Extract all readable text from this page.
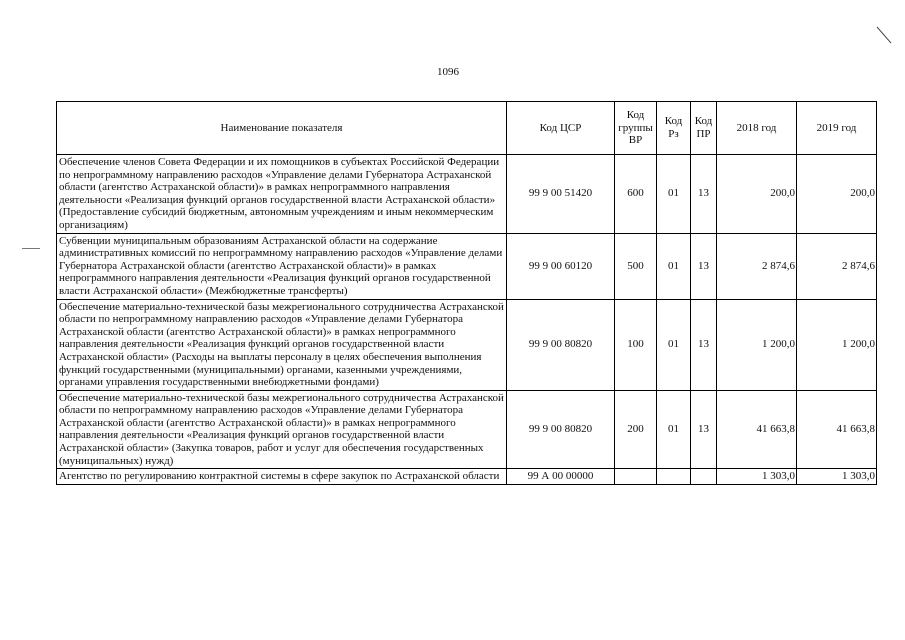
1096
Наименование показателя	Код ЦСР	Код группы ВР	Код Рз	Код ПР	2018 год	2019 год
Обеспечение членов Совета Федерации и их помощников в субъектах Российской Федерации по непрограммному направлению расходов «Управление делами Губернатора Астраханской области (агентство Астраханской области)» в рамках непрограммного направления деятельности «Реализация функций органов государственной власти Астраханской области» (Предоставление субсидий бюджетным, автономным учреждениям и иным некоммерческим организациям)	99 9 00 51420	600	01	13	200,0	200,0
Субвенции муниципальным образованиям Астраханской области на содержание административных комиссий по непрограммному направлению расходов «Управление делами Губернатора Астраханской области (агентство Астраханской области)» в рамках непрограммного направления деятельности «Реализация функций органов государственной власти Астраханской области» (Межбюджетные трансферты)	99 9 00 60120	500	01	13	2 874,6	2 874,6
Обеспечение материально-технической базы межрегионального сотрудничества Астраханской области по непрограммному направлению расходов «Управление делами Губернатора Астраханской области (агентство Астраханской области)» в рамках непрограммного направления деятельности «Реализация функций органов государственной власти Астраханской области» (Расходы на выплаты персоналу в целях обеспечения выполнения функций государственными (муниципальными) органами, казенными учреждениями, органами управления государственными внебюджетными фондами)	99 9 00 80820	100	01	13	1 200,0	1 200,0
Обеспечение материально-технической базы межрегионального сотрудничества Астраханской области по непрограммному направлению расходов «Управление делами Губернатора Астраханской области (агентство Астраханской области)» в рамках непрограммного направления деятельности «Реализация функций органов государственной власти Астраханской области» (Закупка товаров, работ и услуг для обеспечения государственных (муниципальных) нужд)	99 9 00 80820	200	01	13	41 663,8	41 663,8
Агентство по регулированию контрактной системы в сфере закупок по Астраханской области	99 А 00 00000				1 303,0	1 303,0
